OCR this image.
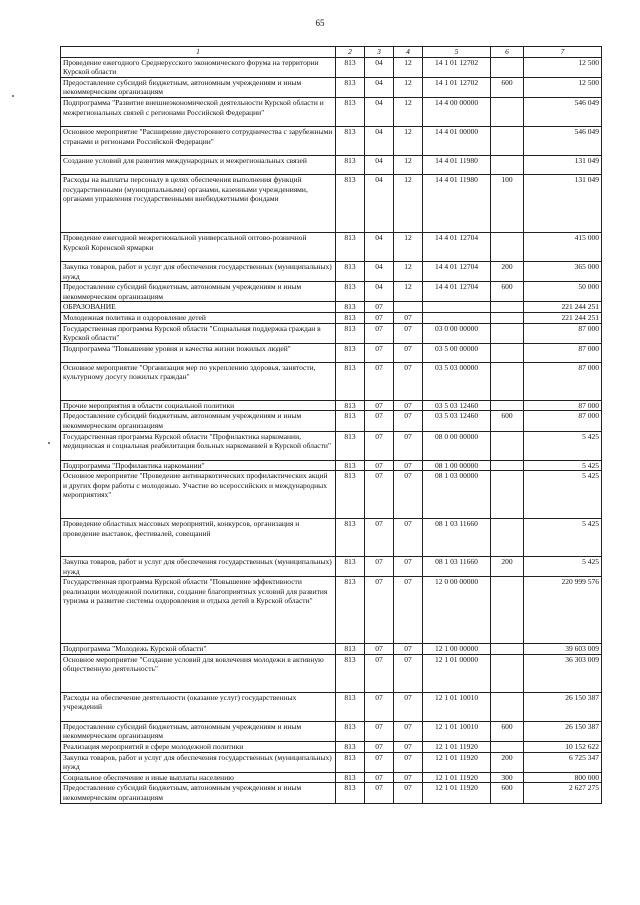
65
1	2	3	4	5	6	7
Проведение ежегодного Среднерусского экономического форума на территории Курской области	813	04	12	14 1 01 12702		12 500
Предоставление субсидий бюджетным, автономным учреждениям и иным некоммерческим организациям	813	04	12	14 1 01 12702	600	12 500
Подпрограмма "Развитие внешнеэкономической деятельности Курской области и межрегиональных связей с регионами Российской Федерации"	813	04	12	14 4 00 00000		546 049
Основное мероприятие "Расширение двустороннего сотрудничества с зарубежными странами и регионами Российской Федерации"	813	04	12	14 4 01 00000		546 049
Создание условий для развития международных и межрегиональных связей	813	04	12	14 4 01 11980		131 049
Расходы на выплаты персоналу в целях обеспечения выполнения функций государственными (муниципальными) органами, казенными учреждениями, органами управления государственными внебюджетными фондами	813	04	12	14 4 01 11980	100	131 049
Проведение ежегодной межрегиональной универсальной оптово-розничной Курской Коренской ярмарки	813	04	12	14 4 01 12704		415 000
Закупка товаров, работ и услуг для обеспечения государственных (муниципальных) нужд	813	04	12	14 4 01 12704	200	365 000
Предоставление субсидий бюджетным, автономным учреждениям и иным некоммерческим организациям	813	04	12	14 4 01 12704	600	50 000
ОБРАЗОВАНИЕ	813	07				221 244 251
Молодежная политика и оздоровление детей	813	07	07			221 244 251
Государственная программа Курской области "Социальная поддержка граждан в Курской области"	813	07	07	03 0 00 00000		87 000
Подпрограмма "Повышение уровня и качества жизни пожилых людей"	813	07	07	03 5 00 00000		87 000
Основное мероприятие "Организация мер по укреплению здоровья, занятости, культурному досугу пожилых граждан"	813	07	07	03 5 03 00000		87 000
Прочие мероприятия в области социальной политики	813	07	07	03 5 03 12460		87 000
Предоставление субсидий бюджетным, автономным учреждениям и иным некоммерческим организациям	813	07	07	03 5 03 12460	600	87 000
Государственная программа Курской области "Профилактика наркомании, медицинская и социальная реабилитация больных наркоманией в Курской области"	813	07	07	08 0 00 00000		5 425
Подпрограмма "Профилактика наркомании"	813	07	07	08 1 00 00000		5 425
Основное мероприятие "Проведение антинаркотических профилактических акций и других форм работы с молодежью. Участие во всероссийских и международных мероприятиях"	813	07	07	08 1 03 00000		5 425
Проведение областных массовых мероприятий, конкурсов, организация и проведение выставок, фестивалей, совещаний	813	07	07	08 1 03 11660		5 425
Закупка товаров, работ и услуг для обеспечения государственных (муниципальных) нужд	813	07	07	08 1 03 11660	200	5 425
Государственная программа Курской области "Повышение эффективности реализации молодежной политики, создание благоприятных условий для развития туризма и развитие системы оздоровления и отдыха детей в Курской области"	813	07	07	12 0 00 00000		220 999 576
Подпрограмма "Молодежь Курской области"	813	07	07	12 1 00 00000		39 603 009
Основное мероприятие "Создание условий для вовлечения молодежи в активную общественную деятельность"	813	07	07	12 1 01 00000		36 303 009
Расходы на обеспечение деятельности (оказание услуг) государственных учреждений	813	07	07	12 1 01 10010		26 150 387
Предоставление субсидий бюджетным, автономным учреждениям и иным некоммерческим организациям	813	07	07	12 1 01 10010	600	26 150 387
Реализация мероприятий в сфере молодежной политики	813	07	07	12 1 01 11920		10 152 622
Закупка товаров, работ и услуг для обеспечения государственных (муниципальных) нужд	813	07	07	12 1 01 11920	200	6 725 347
Социальное обеспечение и иные выплаты населению	813	07	07	12 1 01 11920	300	800 000
Предоставление субсидий бюджетным, автономным учреждениям и иным некоммерческим организациям	813	07	07	12 1 01 11920	600	2 627 275
